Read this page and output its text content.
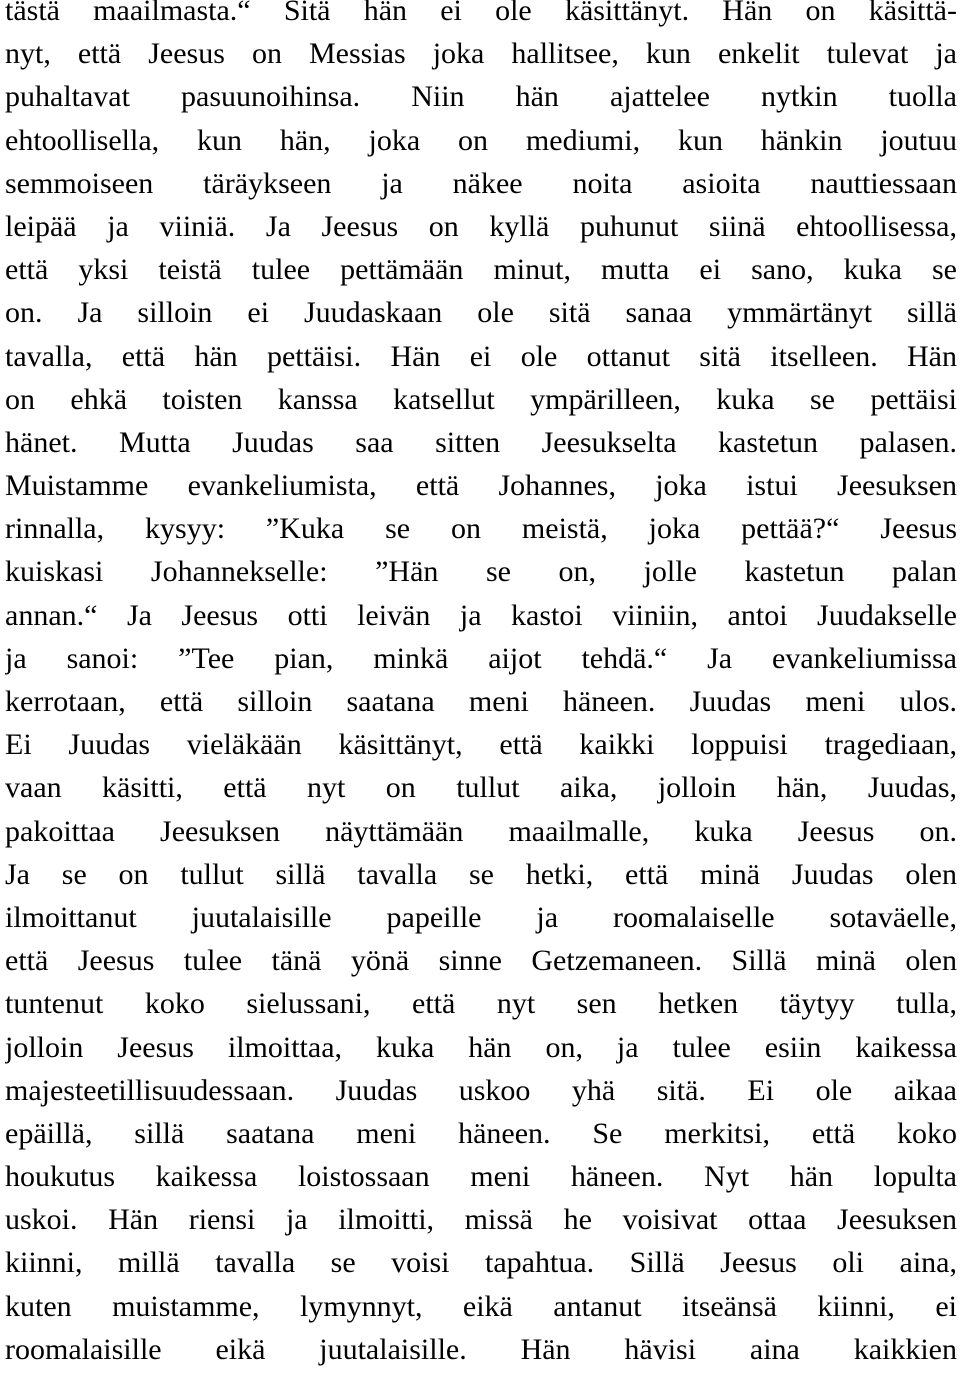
tästä maailmasta.“ Sitä hän ei ole käsittänyt. Hän on käsittä-
nyt, että Jeesus on Messias joka hallitsee, kun enkelit tulevat ja
puhaltavat pasuunoihinsa. Niin hän ajattelee nytkin tuolla
ehtoollisella, kun hän, joka on mediumi, kun hänkin joutuu
semmoiseen täräykseen ja näkee noita asioita nauttiessaan
leipää ja viiniä. Ja Jeesus on kyllä puhunut siinä ehtoollisessa,
että yksi teistä tulee pettämään minut, mutta ei sano, kuka se
on. Ja silloin ei Juudaskaan ole sitä sanaa ymmärtänyt sillä
tavalla, että hän pettäisi. Hän ei ole ottanut sitä itselleen. Hän
on ehkä toisten kanssa katsellut ympärilleen, kuka se pettäisi
hänet. Mutta Juudas saa sitten Jeesukselta kastetun palasen.
Muistamme evankeliumista, että Johannes, joka istui Jeesuksen
rinnalla, kysyy: ”Kuka se on meistä, joka pettää?“ Jeesus
kuiskasi Johannekselle: ”Hän se on, jolle kastetun palan
annan.“ Ja Jeesus otti leivän ja kastoi viiniin, antoi Juudakselle
ja sanoi: ”Tee pian, minkä aijot tehdä.“ Ja evankeliumissa
kerrotaan, että silloin saatana meni häneen. Juudas meni ulos.
Ei Juudas vieläkään käsittänyt, että kaikki loppuisi tragediaan,
vaan käsitti, että nyt on tullut aika, jolloin hän, Juudas,
pakoittaa Jeesuksen näyttämään maailmalle, kuka Jeesus on.
Ja se on tullut sillä tavalla se hetki, että minä Juudas olen
ilmoittanut juutalaisille papeille ja roomalaiselle sotaväelle,
että Jeesus tulee tänä yönä sinne Getzemaneen. Sillä minä olen
tuntenut koko sielussani, että nyt sen hetken täytyy tulla,
jolloin Jeesus ilmoittaa, kuka hän on, ja tulee esiin kaikessa
majesteetillisuudessaan. Juudas uskoo yhä sitä. Ei ole aikaa
epäillä, sillä saatana meni häneen. Se merkitsi, että koko
houkutus kaikessa loistossaan meni häneen. Nyt hän lopulta
uskoi. Hän riensi ja ilmoitti, missä he voisivat ottaa Jeesuksen
kiinni, millä tavalla se voisi tapahtua. Sillä Jeesus oli aina,
kuten muistamme, lymynnyt, eikä antanut itseänsä kiinni, ei
roomalaisille eikä juutalaisille. Hän hävisi aina kaikkien
